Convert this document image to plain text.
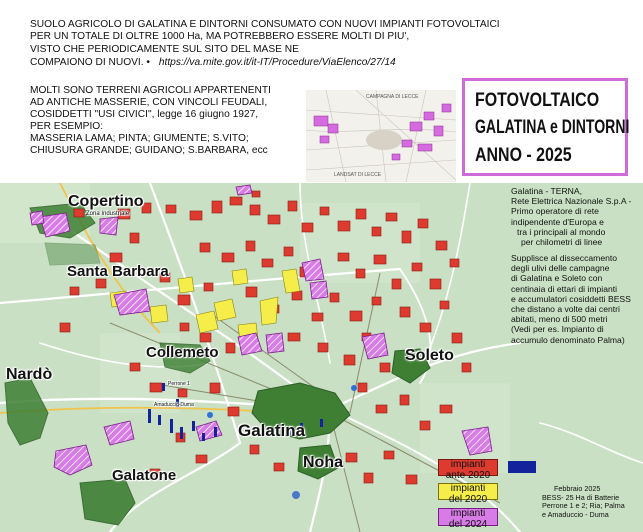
SUOLO AGRICOLO DI GALATINA E DINTORNI CONSUMATO CON NUOVI IMPIANTI FOTOVOLTAICI
PER UN TOTALE DI OLTRE 1000 Ha, MA POTREBBERO ESSERE MOLTI DI PIU',
VISTO CHE PERIODICAMENTE SUL SITO DEL MASE NE
COMPAIONO DI NUOVI. • https://va.mite.gov.it/it-IT/Procedure/ViaElenco/27/14
MOLTI SONO TERRENI AGRICOLI APPARTENENTI
AD ANTICHE MASSERIE, CON VINCOLI FEUDALI,
COSIDDETTI "USI CIVICI", legge 16 giugno 1927,
PER ESEMPIO:
MASSERIA LAMA; PINTA; GIUMENTE; S.VITO;
CHIUSURA GRANDE; GUIDANO; S.BARBARA, ecc
CAMPAGNA DI LECCE
LANDSAT DI LECCE
FOTOVOLTAICO
GALATINA e DINTORNI
ANNO - 2025
Copertino
Zona Industriale
Santa Barbara
Collemeto
Nardò
Soleto
Galatina
Noha
Galatone
Perrone 1
Amaduccio-Duma
Galatina - TERNA,
Rete Elettrica Nazionale S.p.A -
Primo operatore di rete
indipendente d'Europa e
tra i principali al mondo
per chilometri di linee
Supplisce al disseccamento
degli ulivi delle campagne
di Galatina e Soleto con
centinaia di ettari di impianti
e accumulatori cosiddetti BESS
che distano a volte dai centri
abitati, meno di 500 metri
(Vedi per es. Impianto di
accumulo denominato Palma)
impianti
ante 2020
impianti
del 2020
impianti
del 2024
Febbraio 2025
BESS- 25 Ha di Batterie
Perrone 1 e 2; Ria; Palma
e Amaduccio - Duma
